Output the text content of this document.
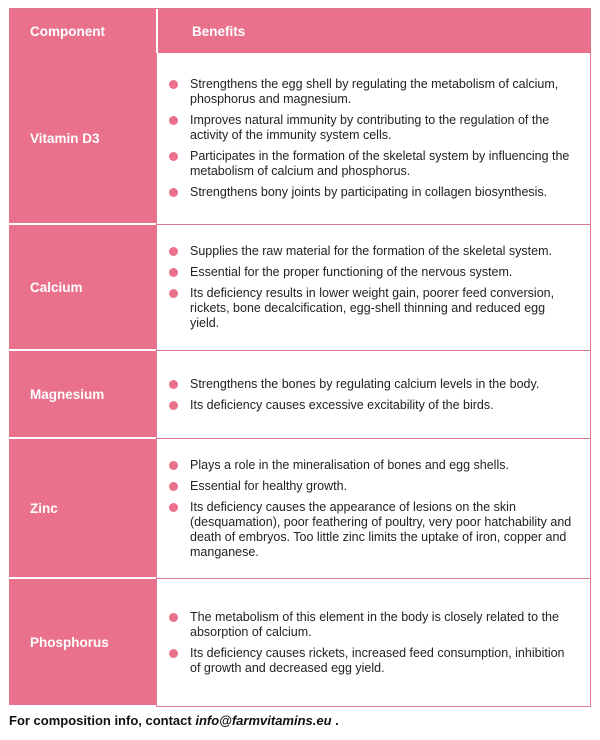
Component	Benefits
Vitamin D3
Strengthens the egg shell by regulating the metabolism of calcium, phosphorus and magnesium.
Improves natural immunity by contributing to the regulation of the activity of the immunity system cells.
Participates in the formation of the skeletal system by influencing the metabolism of calcium and phosphorus.
Strengthens bony joints by participating in collagen biosynthesis.
Calcium
Supplies the raw material for the formation of the skeletal system.
Essential for the proper functioning of the nervous system.
Its deficiency results in lower weight gain, poorer feed conversion, rickets, bone decalcification, egg-shell thinning and reduced egg yield.
Magnesium
Strengthens the bones by regulating calcium levels in the body.
Its deficiency causes excessive excitability of the birds.
Zinc
Plays a role in the mineralisation of bones and egg shells.
Essential for healthy growth.
Its deficiency causes the appearance of lesions on the skin (desquamation), poor feathering of poultry, very poor hatchability and death of embryos. Too little zinc limits the uptake of iron, copper and manganese.
Phosphorus
The metabolism of this element in the body is closely related to the absorption of calcium.
Its deficiency causes rickets, increased feed consumption, inhibition of growth and decreased egg yield.
For composition info, contact info@farmvitamins.eu .
